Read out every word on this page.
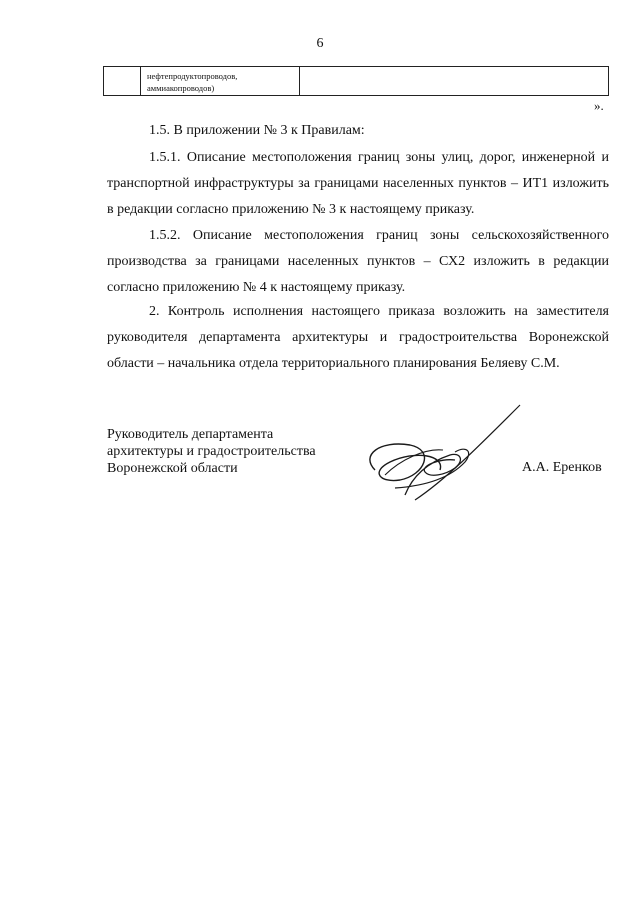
6

нефтепродуктопроводов,
аммиакопроводов)

».

1.5. В приложении № 3 к Правилам:

1.5.1. Описание местоположения границ зоны улиц, дорог, инженерной и транспортной инфраструктуры за границами населенных пунктов – ИТ1 изложить в редакции согласно приложению № 3 к настоящему приказу.

1.5.2. Описание местоположения границ зоны сельскохозяйственного производства за границами населенных пунктов – СХ2 изложить в редакции согласно приложению № 4 к настоящему приказу.

2. Контроль исполнения настоящего приказа возложить на заместителя руководителя департамента архитектуры и градостроительства Воронежской области – начальника отдела территориального планирования Беляеву С.М.

Руководитель департамента
архитектуры и градостроительства
Воронежской области	А.А. Еренков
